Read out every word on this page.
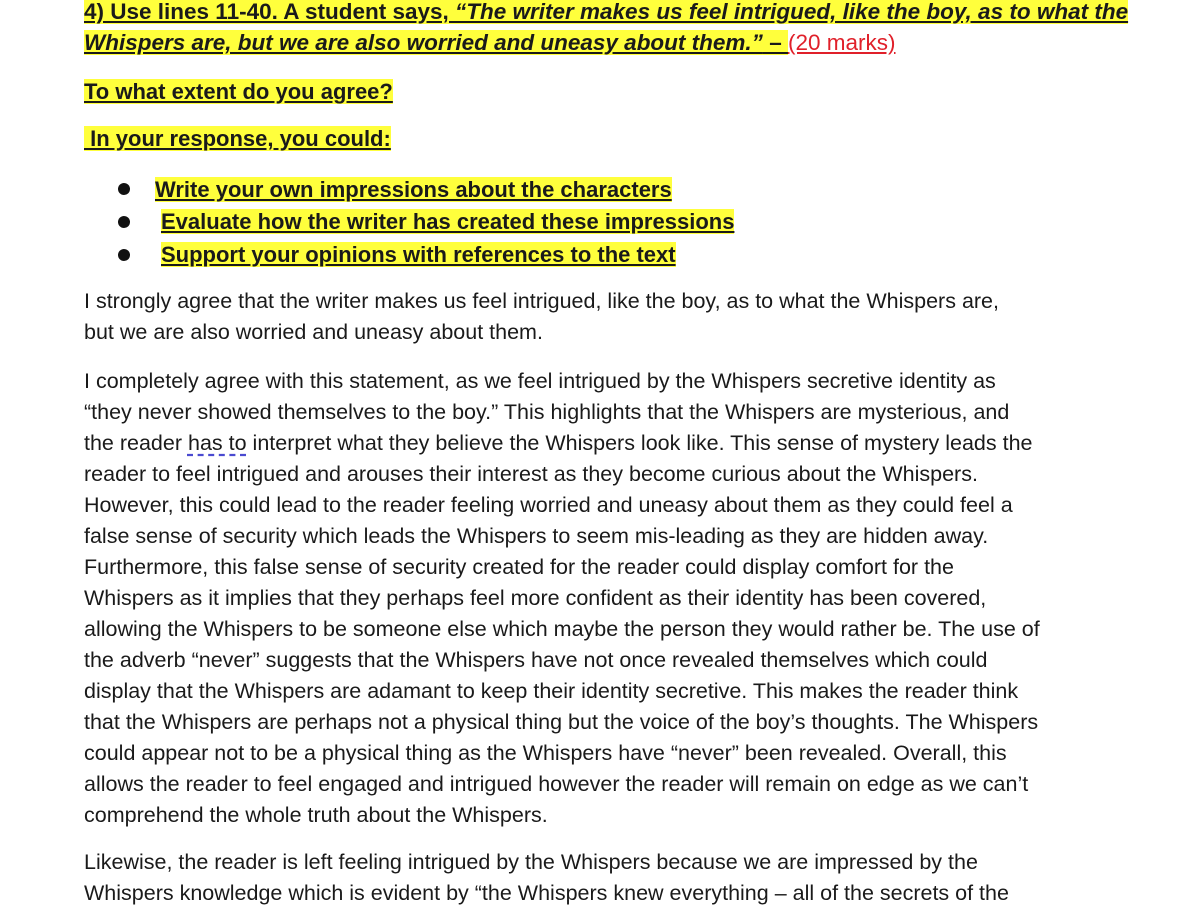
4) Use lines 11-40. A student says, “The writer makes us feel intrigued, like the boy, as to what the
Whispers are, but we are also worried and uneasy about them.” – (20 marks)
To what extent do you agree?
In your response, you could:
Write your own impressions about the characters
Evaluate how the writer has created these impressions
Support your opinions with references to the text
I strongly agree that the writer makes us feel intrigued, like the boy, as to what the Whispers are,
but we are also worried and uneasy about them.
I completely agree with this statement, as we feel intrigued by the Whispers secretive identity as
“they never showed themselves to the boy.” This highlights that the Whispers are mysterious, and
the reader has to interpret what they believe the Whispers look like. This sense of mystery leads the
reader to feel intrigued and arouses their interest as they become curious about the Whispers.
However, this could lead to the reader feeling worried and uneasy about them as they could feel a
false sense of security which leads the Whispers to seem mis-leading as they are hidden away.
Furthermore, this false sense of security created for the reader could display comfort for the
Whispers as it implies that they perhaps feel more confident as their identity has been covered,
allowing the Whispers to be someone else which maybe the person they would rather be. The use of
the adverb “never” suggests that the Whispers have not once revealed themselves which could
display that the Whispers are adamant to keep their identity secretive. This makes the reader think
that the Whispers are perhaps not a physical thing but the voice of the boy’s thoughts. The Whispers
could appear not to be a physical thing as the Whispers have “never” been revealed. Overall, this
allows the reader to feel engaged and intrigued however the reader will remain on edge as we can’t
comprehend the whole truth about the Whispers.
Likewise, the reader is left feeling intrigued by the Whispers because we are impressed by the
Whispers knowledge which is evident by “the Whispers knew everything – all of the secrets of the
